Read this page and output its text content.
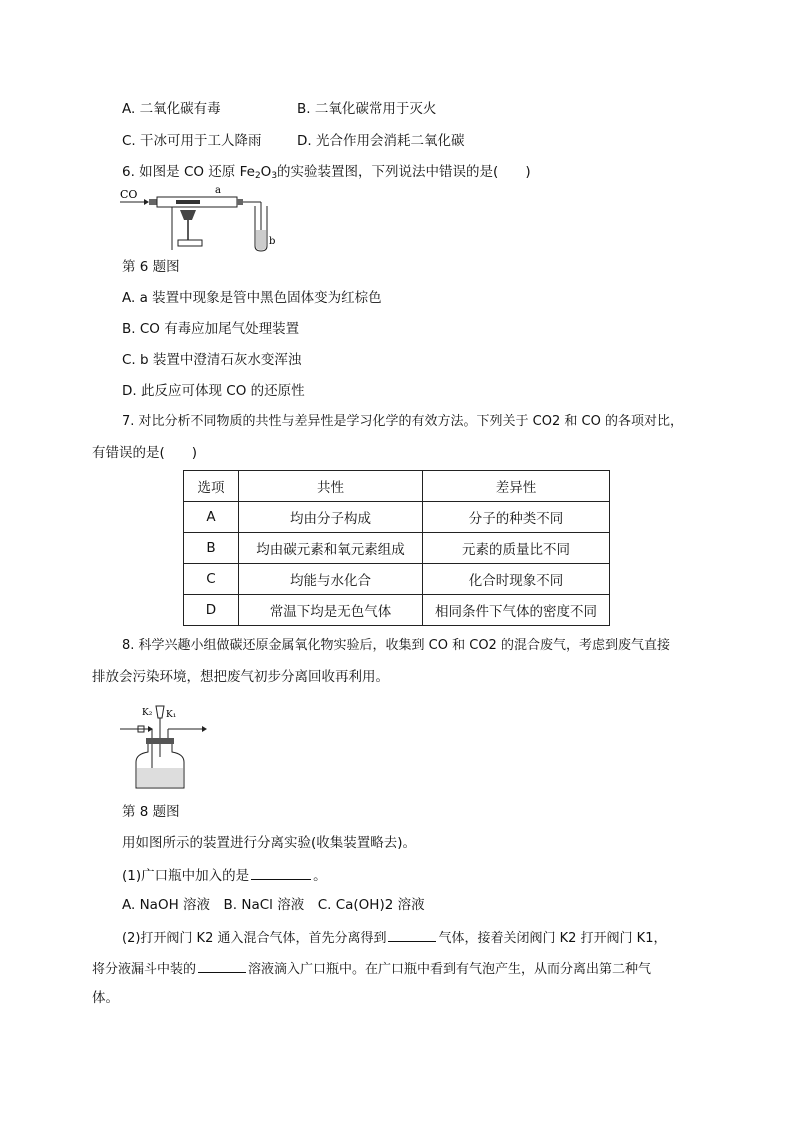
A. 二氧化碳有毒	B. 二氧化碳常用于灭火
C. 干冰可用于工人降雨	D. 光合作用会消耗二氧化碳
6. 如图是 CO 还原 $Fe_2O_3$的实验装置图，下列说法中错误的是(　　)
CO	a
b
第 6 题图
A. a 装置中现象是管中黑色固体变为红棕色
B. CO 有毒应加尾气处理装置
C. b 装置中澄清石灰水变浑浊
D. 此反应可体现 CO 的还原性
7. 对比分析不同物质的共性与差异性是学习化学的有效方法。下列关于 CO2 和 CO 的各项对比，
有错误的是(　　)
选项	共性	差异性
A	均由分子构成	分子的种类不同
B	均由碳元素和氧元素组成	元素的质量比不同
C	均能与水化合	化合时现象不同
D	常温下均是无色气体	相同条件下气体的密度不同
8. 科学兴趣小组做碳还原金属氧化物实验后，收集到 CO 和 CO2 的混合废气，考虑到废气直接
排放会污染环境，想把废气初步分离回收再利用。
K₂ K₁
第 8 题图
用如图所示的装置进行分离实验(收集装置略去)。
(1)广口瓶中加入的是	。
A. NaOH 溶液　B. NaCl 溶液　C. Ca(OH)2 溶液
(2)打开阀门 K2 通入混合气体，首先分离得到	气体，接着关闭阀门 K2 打开阀门 K1，
将分液漏斗中装的	溶液滴入广口瓶中。在广口瓶中看到有气泡产生，从而分离出第二种气
体。
